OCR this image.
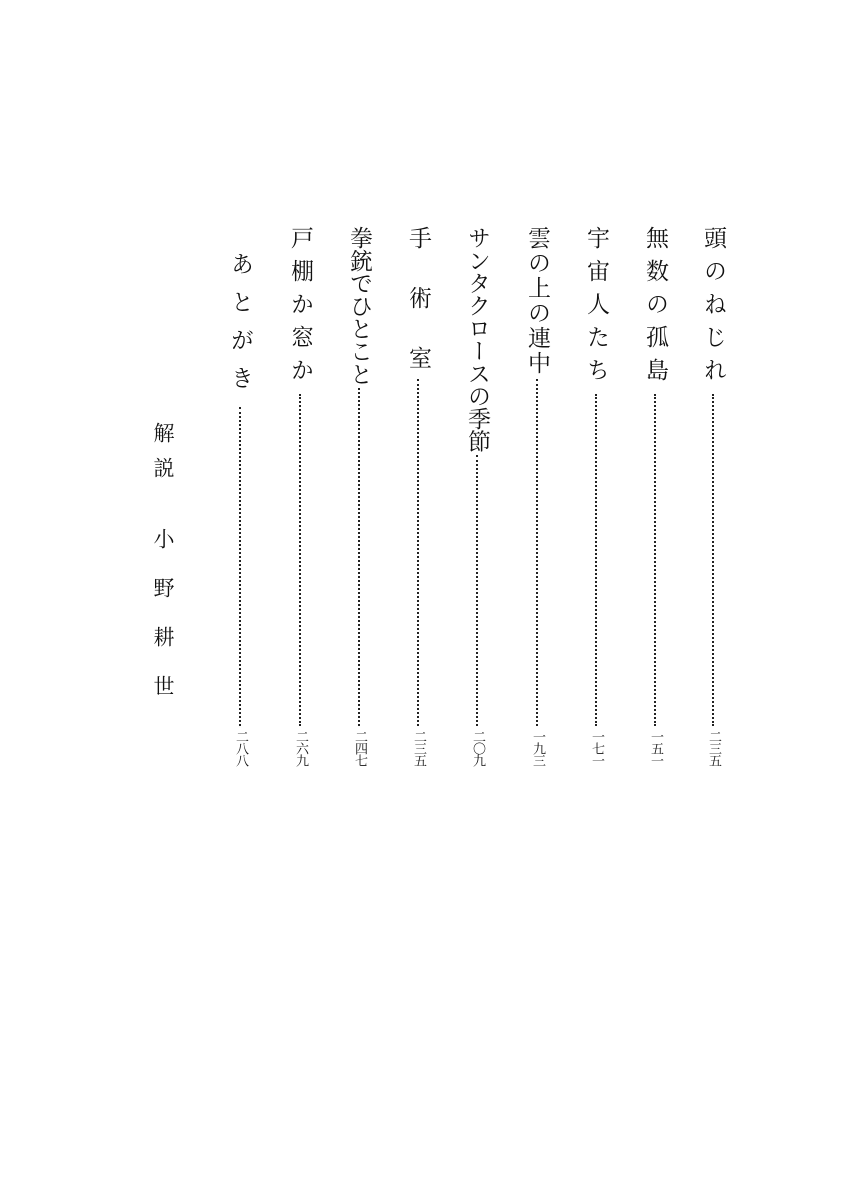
頭のねじれ
二三五
無数の孤島
一五一
宇宙人たち
一七一
雲の上の連中
一九三
サンタクロースの季節
二〇九
手　術　室
二三五
拳銃でひとこと
二四七
戸棚か窓か
二六九
あとがき
二八八
解説小野耕世
